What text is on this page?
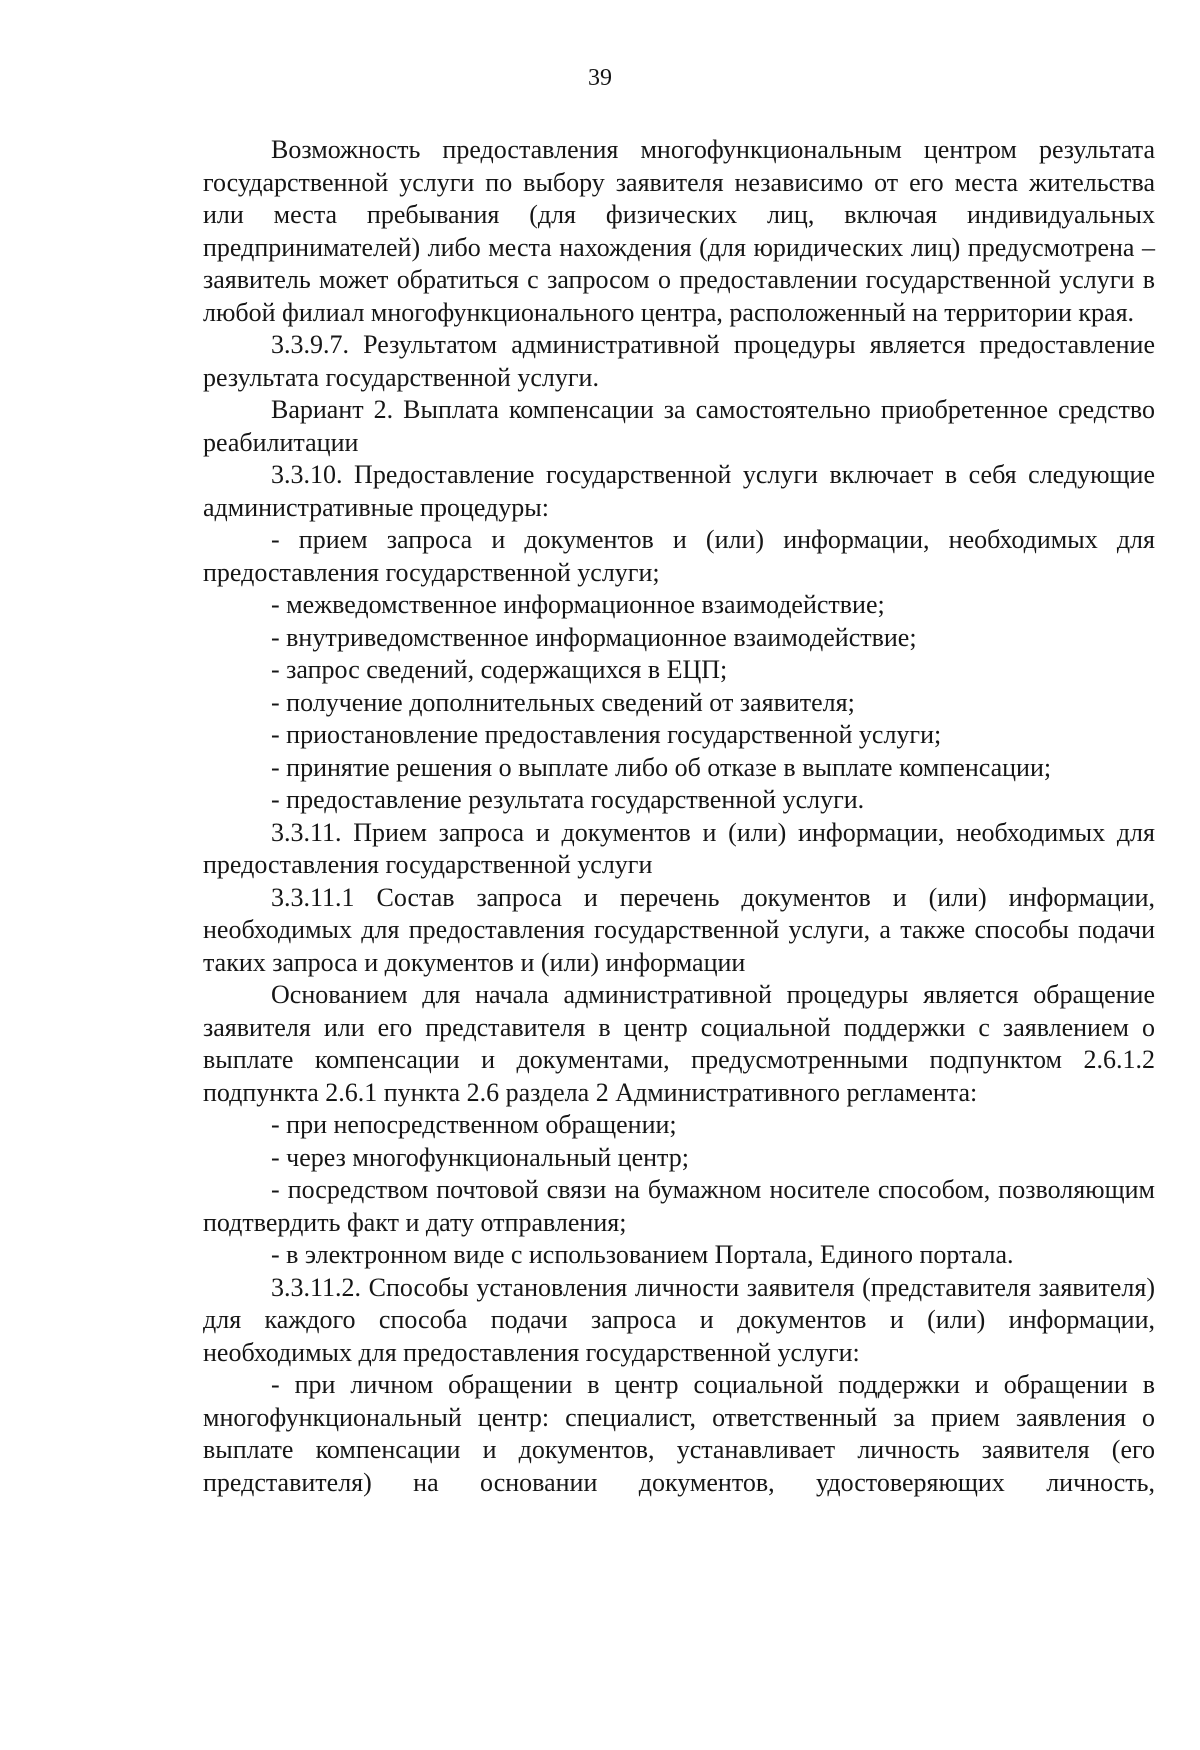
39

Возможность предоставления многофункциональным центром результата государственной услуги по выбору заявителя независимо от его места жительства или места пребывания (для физических лиц, включая индивидуальных предпринимателей) либо места нахождения (для юридических лиц) предусмотрена – заявитель может обратиться с запросом о предоставлении государственной услуги в любой филиал многофункционального центра, расположенный на территории края.

3.3.9.7. Результатом административной процедуры является предоставление результата государственной услуги.

Вариант 2. Выплата компенсации за самостоятельно приобретенное средство реабилитации

3.3.10. Предоставление государственной услуги включает в себя следующие административные процедуры:

- прием запроса и документов и (или) информации, необходимых для предоставления государственной услуги;

- межведомственное информационное взаимодействие;

- внутриведомственное информационное взаимодействие;

- запрос сведений, содержащихся в ЕЦП;

- получение дополнительных сведений от заявителя;

- приостановление предоставления государственной услуги;

- принятие решения о выплате либо об отказе в выплате компенсации;

- предоставление результата государственной услуги.

3.3.11. Прием запроса и документов и (или) информации, необходимых для предоставления государственной услуги

3.3.11.1 Состав запроса и перечень документов и (или) информации, необходимых для предоставления государственной услуги, а также способы подачи таких запроса и документов и (или) информации

Основанием для начала административной процедуры является обращение заявителя или его представителя в центр социальной поддержки с заявлением о выплате компенсации и документами, предусмотренными подпунктом 2.6.1.2 подпункта 2.6.1 пункта 2.6 раздела 2 Административного регламента:

- при непосредственном обращении;

- через многофункциональный центр;

- посредством почтовой связи на бумажном носителе способом, позволяющим подтвердить факт и дату отправления;

- в электронном виде с использованием Портала, Единого портала.

3.3.11.2. Способы установления личности заявителя (представителя заявителя) для каждого способа подачи запроса и документов и (или) информации, необходимых для предоставления государственной услуги:

- при личном обращении в центр социальной поддержки и обращении в многофункциональный центр: специалист, ответственный за прием заявления о выплате компенсации и документов, устанавливает личность заявителя (его представителя) на основании документов, удостоверяющих личность,
